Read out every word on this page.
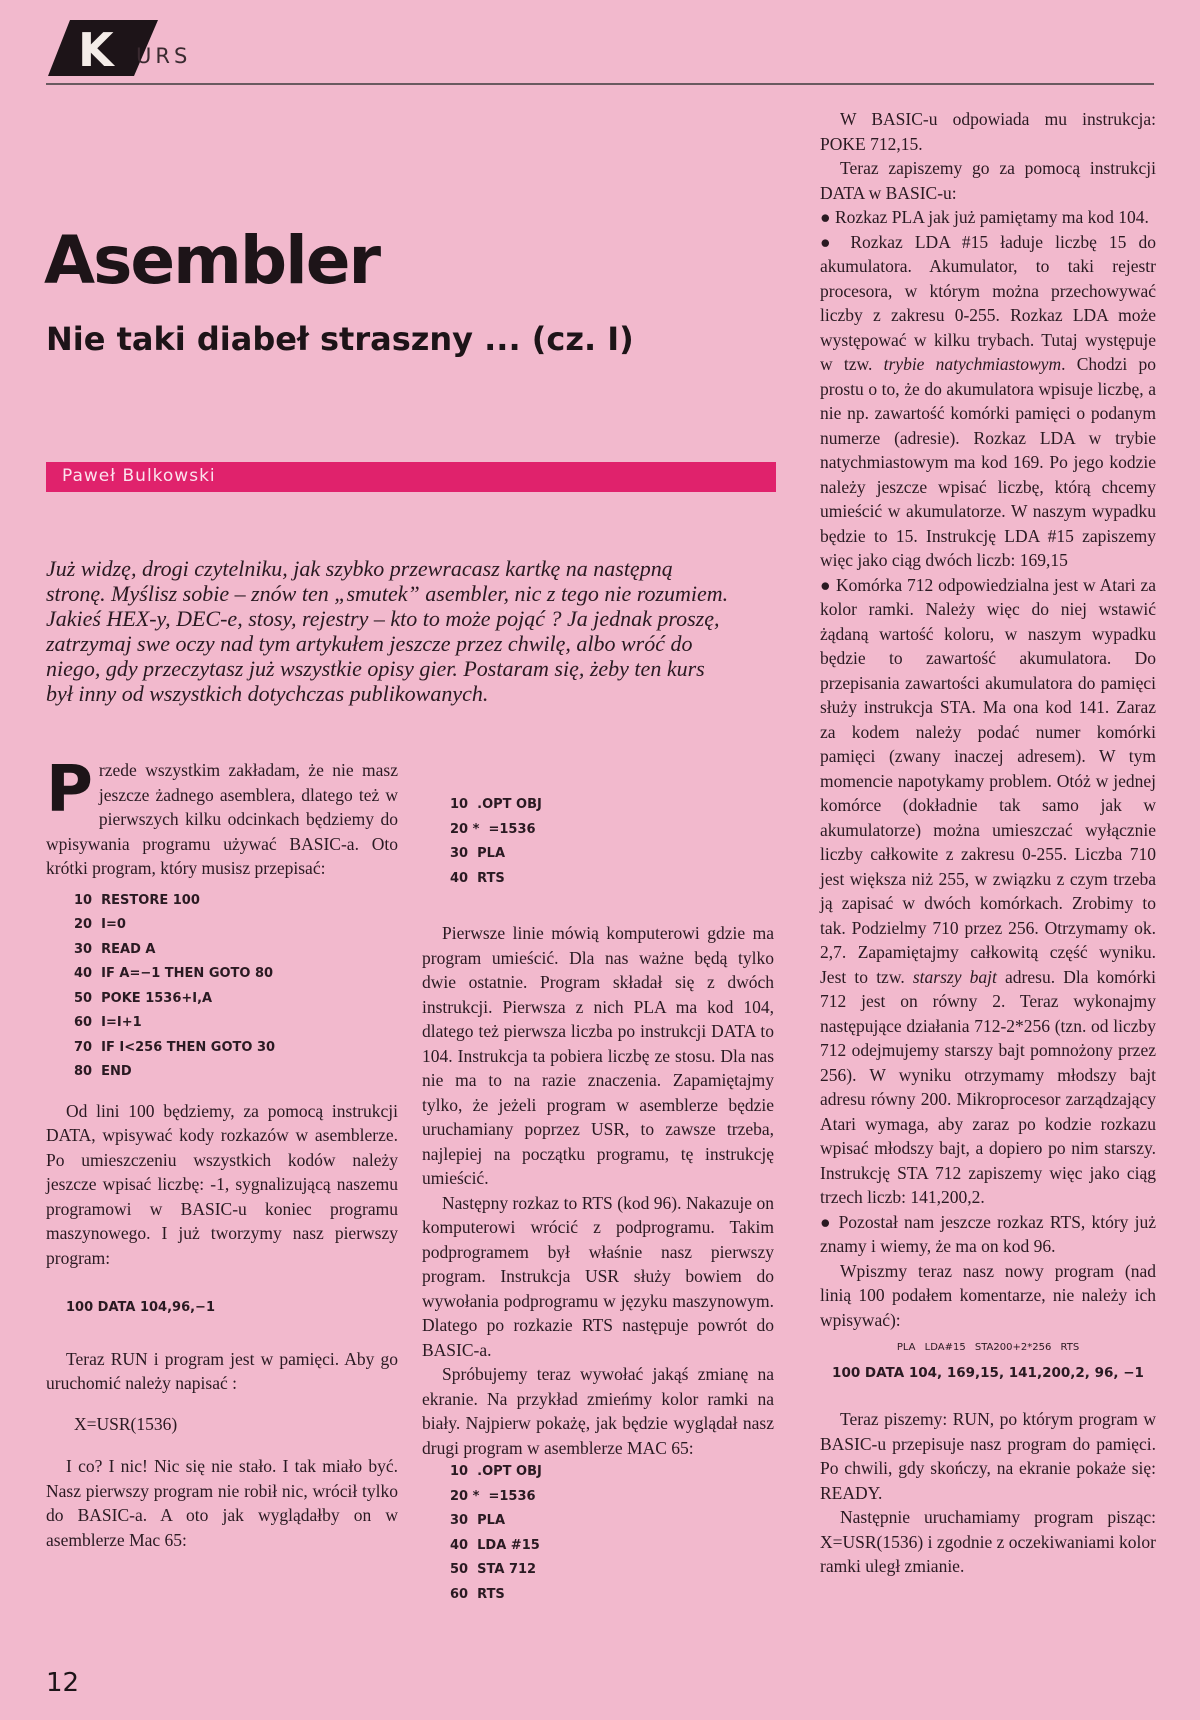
K URS
Asembler
Nie taki diabeł straszny ... (cz. I)
Paweł Bulkowski
Już widzę, drogi czytelniku, jak szybko przewracasz kartkę na następną stronę. Myślisz sobie – znów ten „smutek” asembler, nic z tego nie rozumiem. Jakieś HEX-y, DEC-e, stosy, rejestry – kto to może pojąć ? Ja jednak proszę, zatrzymaj swe oczy nad tym artykułem jeszcze przez chwilę, albo wróć do niego, gdy przeczytasz już wszystkie opisy gier. Postaram się, żeby ten kurs był inny od wszystkich dotychczas publikowanych.

Przede wszystkim zakładam, że nie masz jeszcze żadnego asemblera, dlatego też w pierwszych kilku odcinkach będziemy do wpisywania programu używać BASIC-a. Oto krótki program, który musisz przepisać:

10  RESTORE 100
20  I=0
30  READ A
40  IF A=−1 THEN GOTO 80
50  POKE 1536+I,A
60  I=I+1
70  IF I<256 THEN GOTO 30
80  END

Od lini 100 będziemy, za pomocą instrukcji DATA, wpisywać kody rozkazów w asemblerze. Po umieszczeniu wszystkich kodów należy jeszcze wpisać liczbę: -1, sygnalizującą naszemu programowi w BASIC-u koniec programu maszynowego. I już tworzymy nasz pierwszy program:

100 DATA 104,96,−1

Teraz RUN i program jest w pamięci. Aby go uruchomić należy napisać :

X=USR(1536)

I co? I nic! Nic się nie stało. I tak miało być. Nasz pierwszy program nie robił nic, wrócił tylko do BASIC-a. A oto jak wyglądałby on w asemblerze Mac 65:

10  .OPT OBJ
20 *  =1536
30  PLA
40  RTS

Pierwsze linie mówią komputerowi gdzie ma program umieścić. Dla nas ważne będą tylko dwie ostatnie. Program składał się z dwóch instrukcji. Pierwsza z nich PLA ma kod 104, dlatego też pierwsza liczba po instrukcji DATA to 104. Instrukcja ta pobiera liczbę ze stosu. Dla nas nie ma to na razie znaczenia. Zapamiętajmy tylko, że jeżeli program w asemblerze będzie uruchamiany poprzez USR, to zawsze trzeba, najlepiej na początku programu, tę instrukcję umieścić.

Następny rozkaz to RTS (kod 96). Nakazuje on komputerowi wrócić z podprogramu. Takim podprogramem był właśnie nasz pierwszy program. Instrukcja USR służy bowiem do wywołania podprogramu w języku maszynowym. Dlatego po rozkazie RTS następuje powrót do BASIC-a.

Spróbujemy teraz wywołać jakąś zmianę na ekranie. Na przykład zmieńmy kolor ramki na biały. Najpierw pokażę, jak będzie wyglądał nasz drugi program w asemblerze MAC 65:

10  .OPT OBJ
20 *  =1536
30  PLA
40  LDA #15
50  STA 712
60  RTS

W BASIC-u odpowiada mu instrukcja: POKE 712,15.

Teraz zapiszemy go za pomocą instrukcji DATA w BASIC-u:

● Rozkaz PLA jak już pamiętamy ma kod 104.

● Rozkaz LDA #15 ładuje liczbę 15 do akumulatora. Akumulator, to taki rejestr procesora, w którym można przechowywać liczby z zakresu 0-255. Rozkaz LDA może występować w kilku trybach. Tutaj występuje w tzw. trybie natychmiastowym. Chodzi po prostu o to, że do akumulatora wpisuje liczbę, a nie np. zawartość komórki pamięci o podanym numerze (adresie). Rozkaz LDA w trybie natychmiastowym ma kod 169. Po jego kodzie należy jeszcze wpisać liczbę, którą chcemy umieścić w akumulatorze. W naszym wypadku będzie to 15. Instrukcję LDA #15 zapiszemy więc jako ciąg dwóch liczb: 169,15

● Komórka 712 odpowiedzialna jest w Atari za kolor ramki. Należy więc do niej wstawić żądaną wartość koloru, w naszym wypadku będzie to zawartość akumulatora. Do przepisania zawartości akumulatora do pamięci służy instrukcja STA. Ma ona kod 141. Zaraz za kodem należy podać numer komórki pamięci (zwany inaczej adresem). W tym momencie napotykamy problem. Otóż w jednej komórce (dokładnie tak samo jak w akumulatorze) można umieszczać wyłącznie liczby całkowite z zakresu 0-255. Liczba 710 jest większa niż 255, w związku z czym trzeba ją zapisać w dwóch komórkach. Zrobimy to tak. Podzielmy 710 przez 256. Otrzymamy ok. 2,7. Zapamiętajmy całkowitą część wyniku. Jest to tzw. starszy bajt adresu. Dla komórki 712 jest on równy 2. Teraz wykonajmy następujące działania 712-2*256 (tzn. od liczby 712 odejmujemy starszy bajt pomnożony przez 256). W wyniku otrzymamy młodszy bajt adresu równy 200. Mikroprocesor zarządzający Atari wymaga, aby zaraz po kodzie rozkazu wpisać młodszy bajt, a dopiero po nim starszy. Instrukcję STA 712 zapiszemy więc jako ciąg trzech liczb: 141,200,2.

● Pozostał nam jeszcze rozkaz RTS, który już znamy i wiemy, że ma on kod 96.

Wpiszmy teraz nasz nowy program (nad linią 100 podałem komentarze, nie należy ich wpisywać):

PLA LDA#15 STA200+2*256 RTS
100 DATA 104, 169,15, 141,200,2, 96, −1

Teraz piszemy: RUN, po którym program w BASIC-u przepisuje nasz program do pamięci. Po chwili, gdy skończy, na ekranie pokaże się: READY.

Następnie uruchamiamy program pisząc: X=USR(1536) i zgodnie z oczekiwaniami kolor ramki uległ zmianie.

12
